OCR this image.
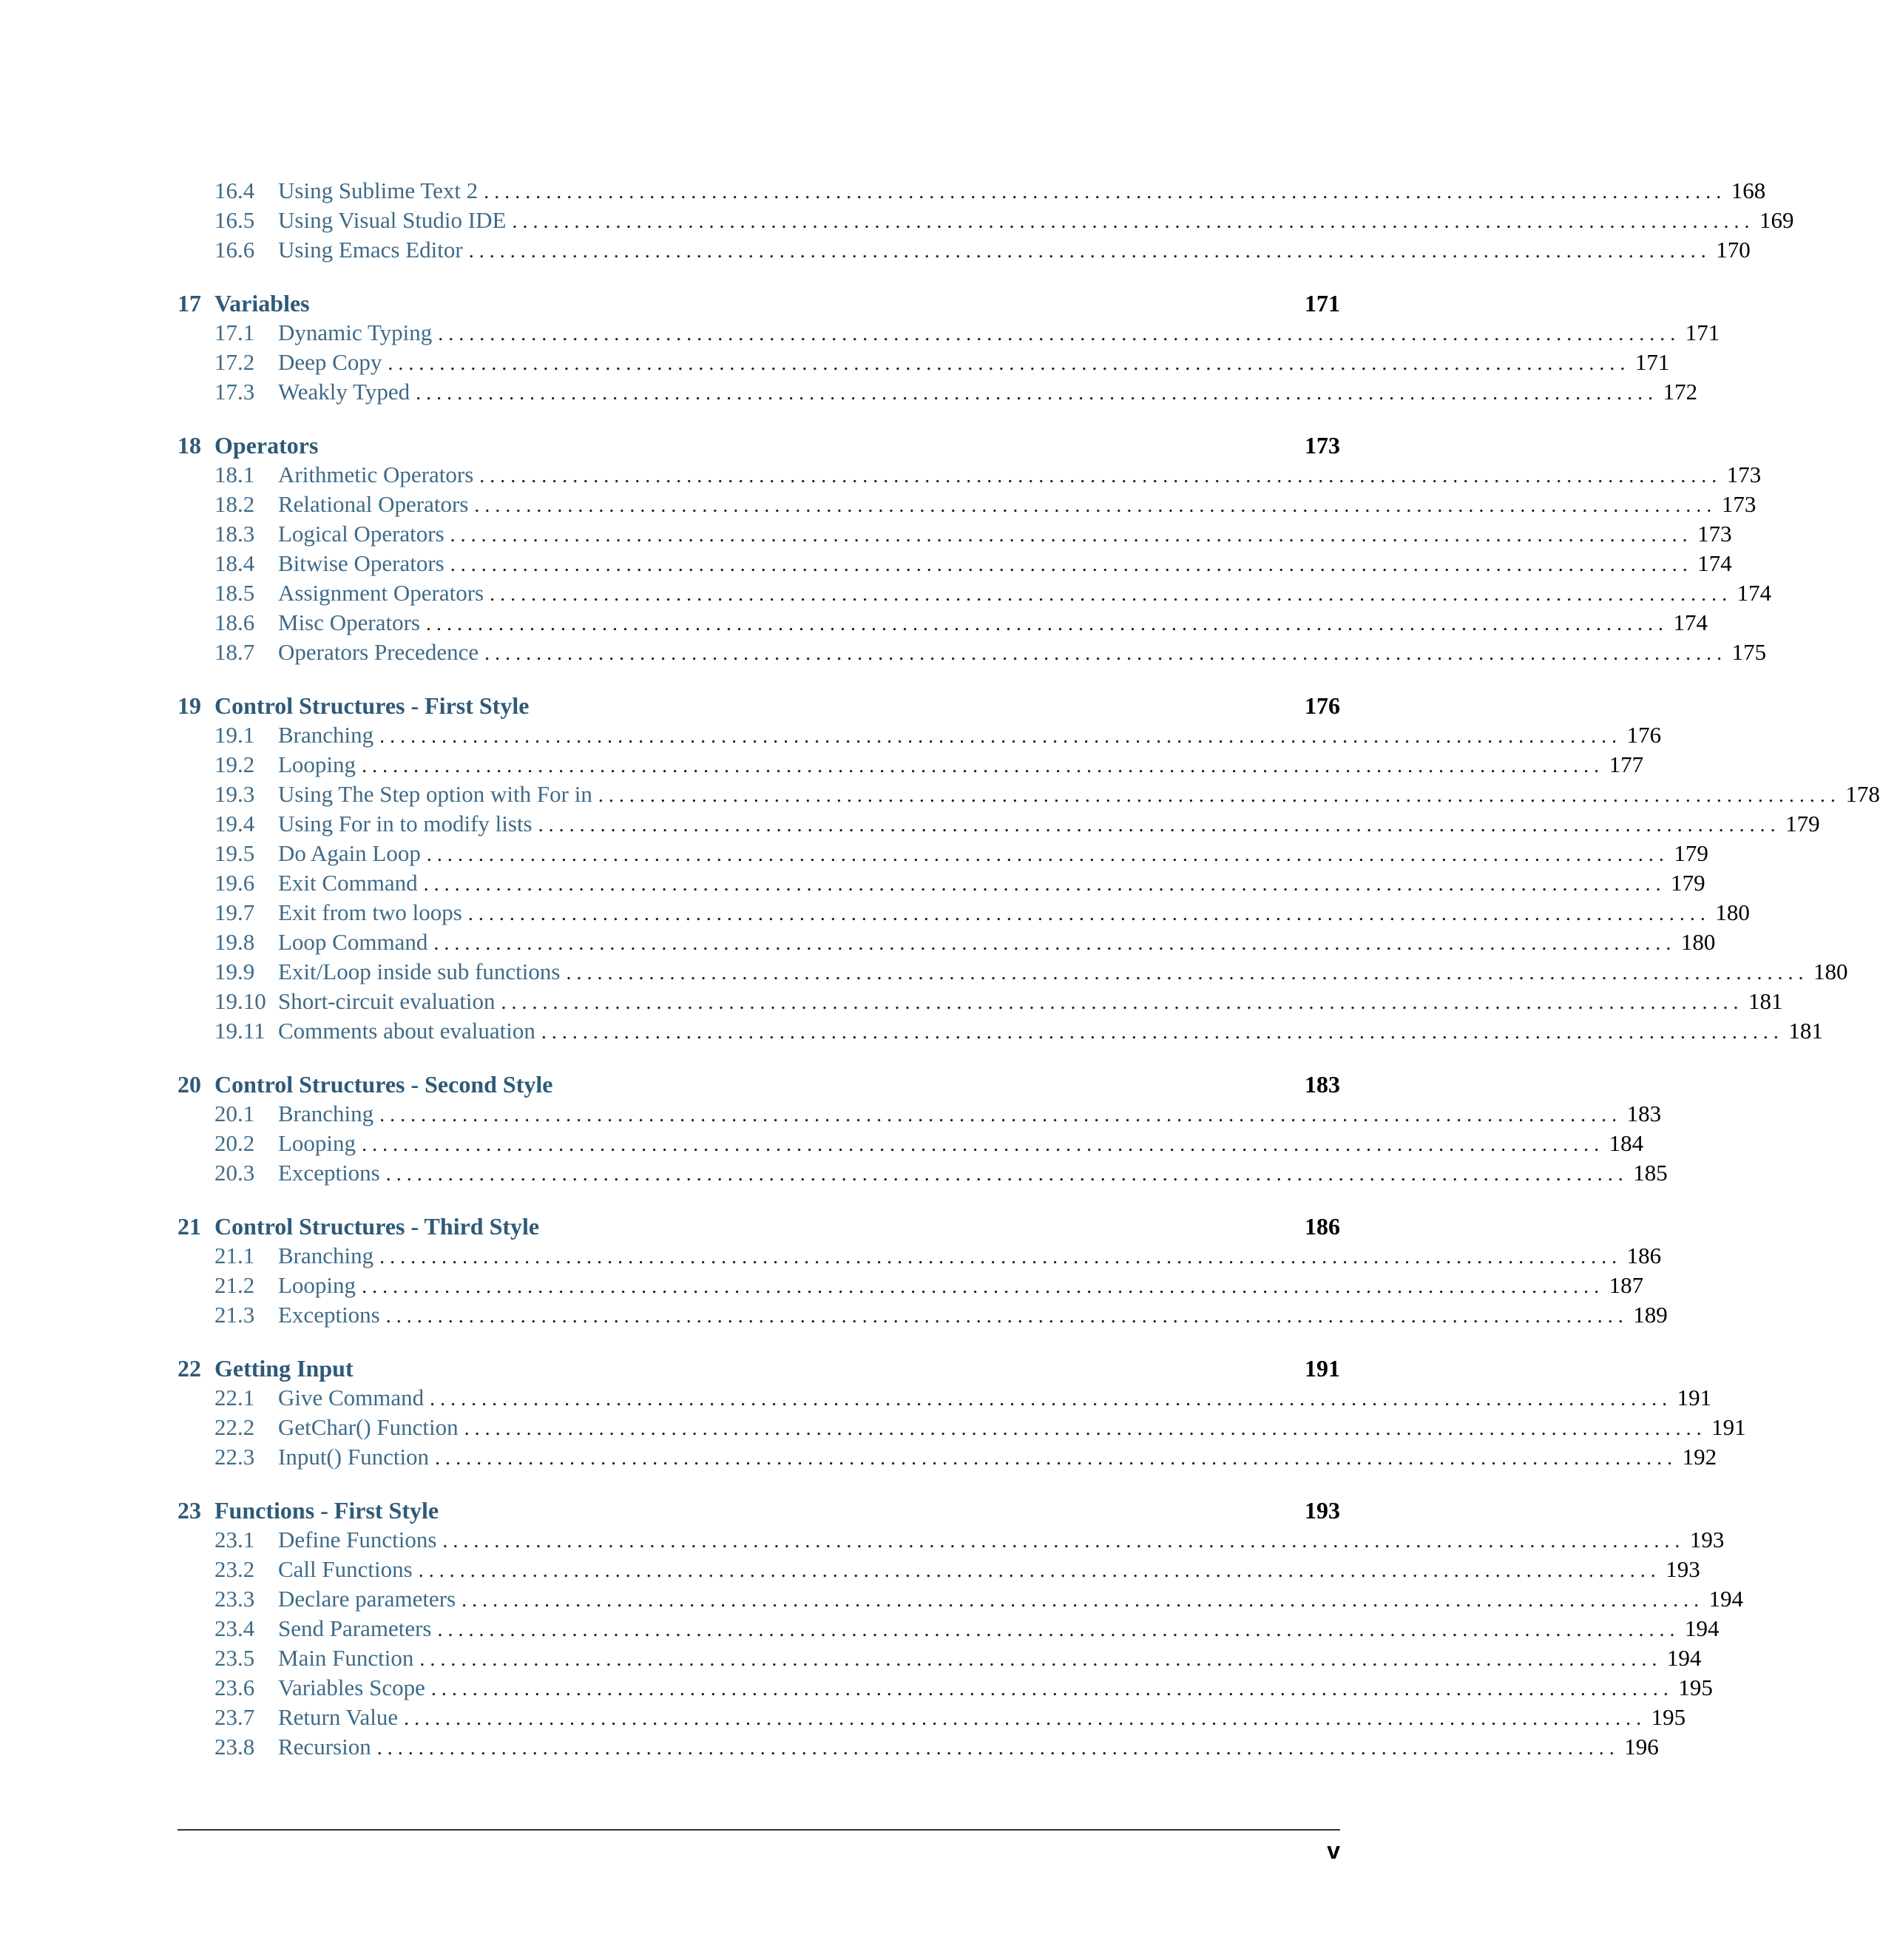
16.4	Using Sublime Text 2 . . . . . . . . . . . . . . . . . . . . . . . . . . . . . . . . . . . . . . . . . . . . . . . . . . . . . . . . . . . . . . . . . . . . . . . . . . . . . . . . . . . . . . . . . . . . . . . . . . . . . . . . . . . . . . . . . . . . . . . . 168
16.5	Using Visual Studio IDE . . . . . . . . . . . . . . . . . . . . . . . . . . . . . . . . . . . . . . . . . . . . . . . . . . . . . . . . . . . . . . . . . . . . . . . . . . . . . . . . . . . . . . . . . . . . . . . . . . . . . . . . . . . . . . . . . . . . . . . . 169
16.6	Using Emacs Editor . . . . . . . . . . . . . . . . . . . . . . . . . . . . . . . . . . . . . . . . . . . . . . . . . . . . . . . . . . . . . . . . . . . . . . . . . . . . . . . . . . . . . . . . . . . . . . . . . . . . . . . . . . . . . . . . . . . . . . . . 170
17 Variables	171
17.1	Dynamic Typing . . . . . . . . . . . . . . . . . . . . . . . . . . . . . . . . . . . . . . . . . . . . . . . . . . . . . . . . . . . . . . . . . . . . . . . . . . . . . . . . . . . . . . . . . . . . . . . . . . . . . . . . . . . . . . . . . . . . . . . . 171
17.2	Deep Copy . . . . . . . . . . . . . . . . . . . . . . . . . . . . . . . . . . . . . . . . . . . . . . . . . . . . . . . . . . . . . . . . . . . . . . . . . . . . . . . . . . . . . . . . . . . . . . . . . . . . . . . . . . . . . . . . . . . . . . . . 171
17.3	Weakly Typed . . . . . . . . . . . . . . . . . . . . . . . . . . . . . . . . . . . . . . . . . . . . . . . . . . . . . . . . . . . . . . . . . . . . . . . . . . . . . . . . . . . . . . . . . . . . . . . . . . . . . . . . . . . . . . . . . . . . . . . . 172
18 Operators	173
18.1	Arithmetic Operators . . . . . . . . . . . . . . . . . . . . . . . . . . . . . . . . . . . . . . . . . . . . . . . . . . . . . . . . . . . . . . . . . . . . . . . . . . . . . . . . . . . . . . . . . . . . . . . . . . . . . . . . . . . . . . . . . . . . . . . . 173
18.2	Relational Operators . . . . . . . . . . . . . . . . . . . . . . . . . . . . . . . . . . . . . . . . . . . . . . . . . . . . . . . . . . . . . . . . . . . . . . . . . . . . . . . . . . . . . . . . . . . . . . . . . . . . . . . . . . . . . . . . . . . . . . . . 173
18.3	Logical Operators . . . . . . . . . . . . . . . . . . . . . . . . . . . . . . . . . . . . . . . . . . . . . . . . . . . . . . . . . . . . . . . . . . . . . . . . . . . . . . . . . . . . . . . . . . . . . . . . . . . . . . . . . . . . . . . . . . . . . . . . 173
18.4	Bitwise Operators . . . . . . . . . . . . . . . . . . . . . . . . . . . . . . . . . . . . . . . . . . . . . . . . . . . . . . . . . . . . . . . . . . . . . . . . . . . . . . . . . . . . . . . . . . . . . . . . . . . . . . . . . . . . . . . . . . . . . . . . 174
18.5	Assignment Operators . . . . . . . . . . . . . . . . . . . . . . . . . . . . . . . . . . . . . . . . . . . . . . . . . . . . . . . . . . . . . . . . . . . . . . . . . . . . . . . . . . . . . . . . . . . . . . . . . . . . . . . . . . . . . . . . . . . . . . . . 174
18.6	Misc Operators . . . . . . . . . . . . . . . . . . . . . . . . . . . . . . . . . . . . . . . . . . . . . . . . . . . . . . . . . . . . . . . . . . . . . . . . . . . . . . . . . . . . . . . . . . . . . . . . . . . . . . . . . . . . . . . . . . . . . . . . 174
18.7	Operators Precedence . . . . . . . . . . . . . . . . . . . . . . . . . . . . . . . . . . . . . . . . . . . . . . . . . . . . . . . . . . . . . . . . . . . . . . . . . . . . . . . . . . . . . . . . . . . . . . . . . . . . . . . . . . . . . . . . . . . . . . . . 175
19 Control Structures - First Style	176
19.1	Branching . . . . . . . . . . . . . . . . . . . . . . . . . . . . . . . . . . . . . . . . . . . . . . . . . . . . . . . . . . . . . . . . . . . . . . . . . . . . . . . . . . . . . . . . . . . . . . . . . . . . . . . . . . . . . . . . . . . . . . . . 176
19.2	Looping . . . . . . . . . . . . . . . . . . . . . . . . . . . . . . . . . . . . . . . . . . . . . . . . . . . . . . . . . . . . . . . . . . . . . . . . . . . . . . . . . . . . . . . . . . . . . . . . . . . . . . . . . . . . . . . . . . . . . . . . 177
19.3	Using The Step option with For in . . . . . . . . . . . . . . . . . . . . . . . . . . . . . . . . . . . . . . . . . . . . . . . . . . . . . . . . . . . . . . . . . . . . . . . . . . . . . . . . . . . . . . . . . . . . . . . . . . . . . . . . . . . . . . . . . . . . . . . . 178
19.4	Using For in to modify lists . . . . . . . . . . . . . . . . . . . . . . . . . . . . . . . . . . . . . . . . . . . . . . . . . . . . . . . . . . . . . . . . . . . . . . . . . . . . . . . . . . . . . . . . . . . . . . . . . . . . . . . . . . . . . . . . . . . . . . . . 179
19.5	Do Again Loop . . . . . . . . . . . . . . . . . . . . . . . . . . . . . . . . . . . . . . . . . . . . . . . . . . . . . . . . . . . . . . . . . . . . . . . . . . . . . . . . . . . . . . . . . . . . . . . . . . . . . . . . . . . . . . . . . . . . . . . . 179
19.6	Exit Command . . . . . . . . . . . . . . . . . . . . . . . . . . . . . . . . . . . . . . . . . . . . . . . . . . . . . . . . . . . . . . . . . . . . . . . . . . . . . . . . . . . . . . . . . . . . . . . . . . . . . . . . . . . . . . . . . . . . . . . . 179
19.7	Exit from two loops . . . . . . . . . . . . . . . . . . . . . . . . . . . . . . . . . . . . . . . . . . . . . . . . . . . . . . . . . . . . . . . . . . . . . . . . . . . . . . . . . . . . . . . . . . . . . . . . . . . . . . . . . . . . . . . . . . . . . . . . 180
19.8	Loop Command . . . . . . . . . . . . . . . . . . . . . . . . . . . . . . . . . . . . . . . . . . . . . . . . . . . . . . . . . . . . . . . . . . . . . . . . . . . . . . . . . . . . . . . . . . . . . . . . . . . . . . . . . . . . . . . . . . . . . . . . 180
19.9	Exit/Loop inside sub functions . . . . . . . . . . . . . . . . . . . . . . . . . . . . . . . . . . . . . . . . . . . . . . . . . . . . . . . . . . . . . . . . . . . . . . . . . . . . . . . . . . . . . . . . . . . . . . . . . . . . . . . . . . . . . . . . . . . . . . . . 180
19.10 Short-circuit evaluation . . . . . . . . . . . . . . . . . . . . . . . . . . . . . . . . . . . . . . . . . . . . . . . . . . . . . . . . . . . . . . . . . . . . . . . . . . . . . . . . . . . . . . . . . . . . . . . . . . . . . . . . . . . . . . . . . . . . . . . . 181
19.11 Comments about evaluation . . . . . . . . . . . . . . . . . . . . . . . . . . . . . . . . . . . . . . . . . . . . . . . . . . . . . . . . . . . . . . . . . . . . . . . . . . . . . . . . . . . . . . . . . . . . . . . . . . . . . . . . . . . . . . . . . . . . . . . . 181
20 Control Structures - Second Style	183
20.1	Branching . . . . . . . . . . . . . . . . . . . . . . . . . . . . . . . . . . . . . . . . . . . . . . . . . . . . . . . . . . . . . . . . . . . . . . . . . . . . . . . . . . . . . . . . . . . . . . . . . . . . . . . . . . . . . . . . . . . . . . . . 183
20.2	Looping . . . . . . . . . . . . . . . . . . . . . . . . . . . . . . . . . . . . . . . . . . . . . . . . . . . . . . . . . . . . . . . . . . . . . . . . . . . . . . . . . . . . . . . . . . . . . . . . . . . . . . . . . . . . . . . . . . . . . . . . 184
20.3	Exceptions . . . . . . . . . . . . . . . . . . . . . . . . . . . . . . . . . . . . . . . . . . . . . . . . . . . . . . . . . . . . . . . . . . . . . . . . . . . . . . . . . . . . . . . . . . . . . . . . . . . . . . . . . . . . . . . . . . . . . . . . 185
21 Control Structures - Third Style	186
21.1	Branching . . . . . . . . . . . . . . . . . . . . . . . . . . . . . . . . . . . . . . . . . . . . . . . . . . . . . . . . . . . . . . . . . . . . . . . . . . . . . . . . . . . . . . . . . . . . . . . . . . . . . . . . . . . . . . . . . . . . . . . . 186
21.2	Looping . . . . . . . . . . . . . . . . . . . . . . . . . . . . . . . . . . . . . . . . . . . . . . . . . . . . . . . . . . . . . . . . . . . . . . . . . . . . . . . . . . . . . . . . . . . . . . . . . . . . . . . . . . . . . . . . . . . . . . . . 187
21.3	Exceptions . . . . . . . . . . . . . . . . . . . . . . . . . . . . . . . . . . . . . . . . . . . . . . . . . . . . . . . . . . . . . . . . . . . . . . . . . . . . . . . . . . . . . . . . . . . . . . . . . . . . . . . . . . . . . . . . . . . . . . . . 189
22 Getting Input	191
22.1	Give Command . . . . . . . . . . . . . . . . . . . . . . . . . . . . . . . . . . . . . . . . . . . . . . . . . . . . . . . . . . . . . . . . . . . . . . . . . . . . . . . . . . . . . . . . . . . . . . . . . . . . . . . . . . . . . . . . . . . . . . . . 191
22.2	GetChar() Function . . . . . . . . . . . . . . . . . . . . . . . . . . . . . . . . . . . . . . . . . . . . . . . . . . . . . . . . . . . . . . . . . . . . . . . . . . . . . . . . . . . . . . . . . . . . . . . . . . . . . . . . . . . . . . . . . . . . . . . . 191
22.3	Input() Function . . . . . . . . . . . . . . . . . . . . . . . . . . . . . . . . . . . . . . . . . . . . . . . . . . . . . . . . . . . . . . . . . . . . . . . . . . . . . . . . . . . . . . . . . . . . . . . . . . . . . . . . . . . . . . . . . . . . . . . . 192
23 Functions - First Style	193
23.1	Define Functions . . . . . . . . . . . . . . . . . . . . . . . . . . . . . . . . . . . . . . . . . . . . . . . . . . . . . . . . . . . . . . . . . . . . . . . . . . . . . . . . . . . . . . . . . . . . . . . . . . . . . . . . . . . . . . . . . . . . . . . . 193
23.2	Call Functions . . . . . . . . . . . . . . . . . . . . . . . . . . . . . . . . . . . . . . . . . . . . . . . . . . . . . . . . . . . . . . . . . . . . . . . . . . . . . . . . . . . . . . . . . . . . . . . . . . . . . . . . . . . . . . . . . . . . . . . . 193
23.3	Declare parameters . . . . . . . . . . . . . . . . . . . . . . . . . . . . . . . . . . . . . . . . . . . . . . . . . . . . . . . . . . . . . . . . . . . . . . . . . . . . . . . . . . . . . . . . . . . . . . . . . . . . . . . . . . . . . . . . . . . . . . . . 194
23.4	Send Parameters . . . . . . . . . . . . . . . . . . . . . . . . . . . . . . . . . . . . . . . . . . . . . . . . . . . . . . . . . . . . . . . . . . . . . . . . . . . . . . . . . . . . . . . . . . . . . . . . . . . . . . . . . . . . . . . . . . . . . . . . 194
23.5	Main Function . . . . . . . . . . . . . . . . . . . . . . . . . . . . . . . . . . . . . . . . . . . . . . . . . . . . . . . . . . . . . . . . . . . . . . . . . . . . . . . . . . . . . . . . . . . . . . . . . . . . . . . . . . . . . . . . . . . . . . . . 194
23.6	Variables Scope . . . . . . . . . . . . . . . . . . . . . . . . . . . . . . . . . . . . . . . . . . . . . . . . . . . . . . . . . . . . . . . . . . . . . . . . . . . . . . . . . . . . . . . . . . . . . . . . . . . . . . . . . . . . . . . . . . . . . . . . 195
23.7	Return Value . . . . . . . . . . . . . . . . . . . . . . . . . . . . . . . . . . . . . . . . . . . . . . . . . . . . . . . . . . . . . . . . . . . . . . . . . . . . . . . . . . . . . . . . . . . . . . . . . . . . . . . . . . . . . . . . . . . . . . . . 195
23.8	Recursion . . . . . . . . . . . . . . . . . . . . . . . . . . . . . . . . . . . . . . . . . . . . . . . . . . . . . . . . . . . . . . . . . . . . . . . . . . . . . . . . . . . . . . . . . . . . . . . . . . . . . . . . . . . . . . . . . . . . . . . . 196
v
